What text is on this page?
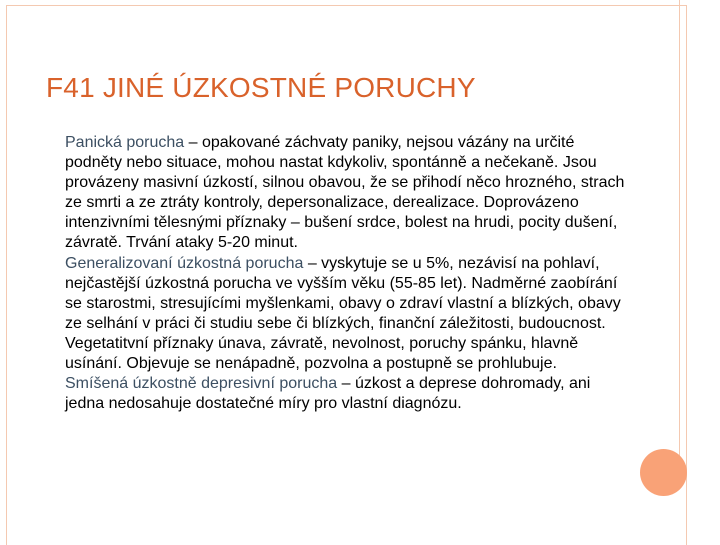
F41 JINÉ ÚZKOSTNÉ PORUCHY

Panická porucha – opakované záchvaty paniky, nejsou vázány na určité podněty nebo situace, mohou nastat kdykoliv, spontánně a nečekaně. Jsou provázeny masivní úzkostí, silnou obavou, že se přihodí něco hrozného, strach ze smrti a ze ztráty kontroly, depersonalizace, derealizace. Doprovázeno intenzivními tělesnými příznaky – bušení srdce, bolest na hrudi, pocity dušení, závratě. Trvání ataky 5-20 minut.

Generalizovaní úzkostná porucha – vyskytuje se u 5%, nezávisí na pohlaví, nejčastější úzkostná porucha ve vyšším věku (55-85 let). Nadměrné zaobírání se starostmi, stresujícími myšlenkami, obavy o zdraví vlastní a blízkých, obavy ze selhání v práci či studiu sebe či blízkých, finanční záležitosti, budoucnost. Vegetatitvní příznaky únava, závratě, nevolnost, poruchy spánku, hlavně usínání. Objevuje se nenápadně, pozvolna a postupně se prohlubuje.

Smíšená úzkostně depresivní porucha – úzkost a deprese dohromady, ani jedna nedosahuje dostatečné míry pro vlastní diagnózu.
